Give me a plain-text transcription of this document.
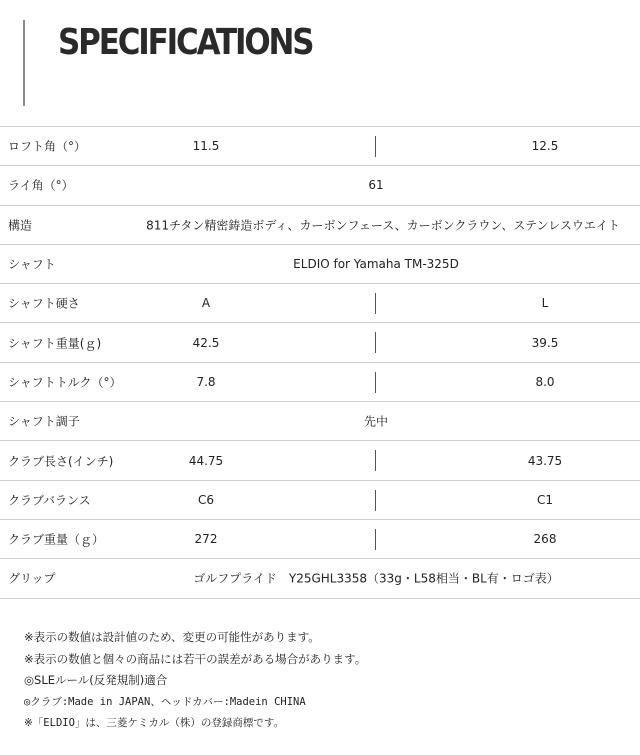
SPECIFICATIONS
ロフト角（°）	11.5	12.5
ライ角（°）	61
構造	811チタン精密鋳造ボディ、カーボンフェース、カーボンクラウン、ステンレスウエイト
シャフト	ELDIO for Yamaha TM-325D
シャフト硬さ	A	L
シャフト重量(ｇ)	42.5	39.5
シャフトトルク（°）	7.8	8.0
シャフト調子	先中
クラブ長さ(インチ)	44.75	43.75
クラブバランス	C6	C1
クラブ重量（ｇ）	272	268
グリップ	ゴルフプライド　Y25GHL3358（33g・L58相当・BL有・ロゴ表）
※表示の数値は設計値のため、変更の可能性があります。
※表示の数値と個々の商品には若干の誤差がある場合があります。
◎SLEルール(反発規制)適合
◎クラブ:Made in JAPAN、ヘッドカバー:Madein CHINA
※「ELDIO」は、三菱ケミカル（株）の登録商標です。
